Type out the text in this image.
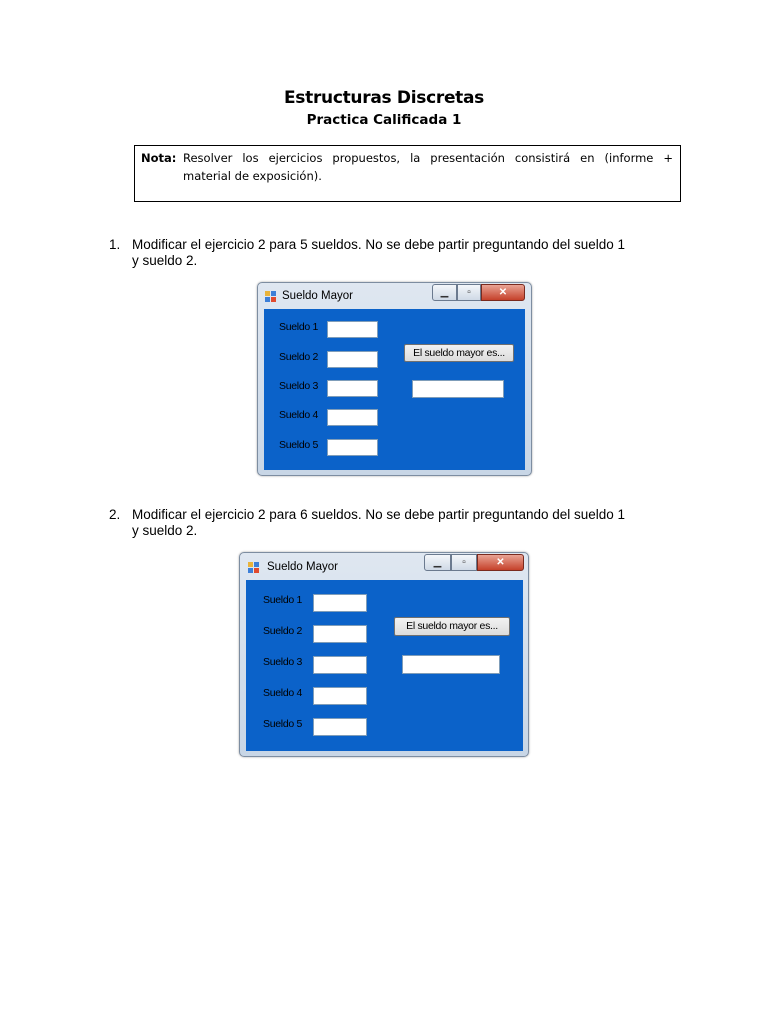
Estructuras Discretas
Practica Calificada 1
Nota: Resolver los ejercicios propuestos, la presentación consistirá en (informe +
material de exposición).
1. Modificar el ejercicio 2 para 5 sueldos. No se debe partir preguntando del sueldo 1
y sueldo 2.
Sueldo Mayor	▁	▫	✕
Sueldo 1
Sueldo 2
Sueldo 3
Sueldo 4
Sueldo 5
El sueldo mayor es...
2. Modificar el ejercicio 2 para 6 sueldos. No se debe partir preguntando del sueldo 1
y sueldo 2.
Sueldo Mayor	▁	▫	✕
Sueldo 1
Sueldo 2
Sueldo 3
Sueldo 4
Sueldo 5
El sueldo mayor es...
